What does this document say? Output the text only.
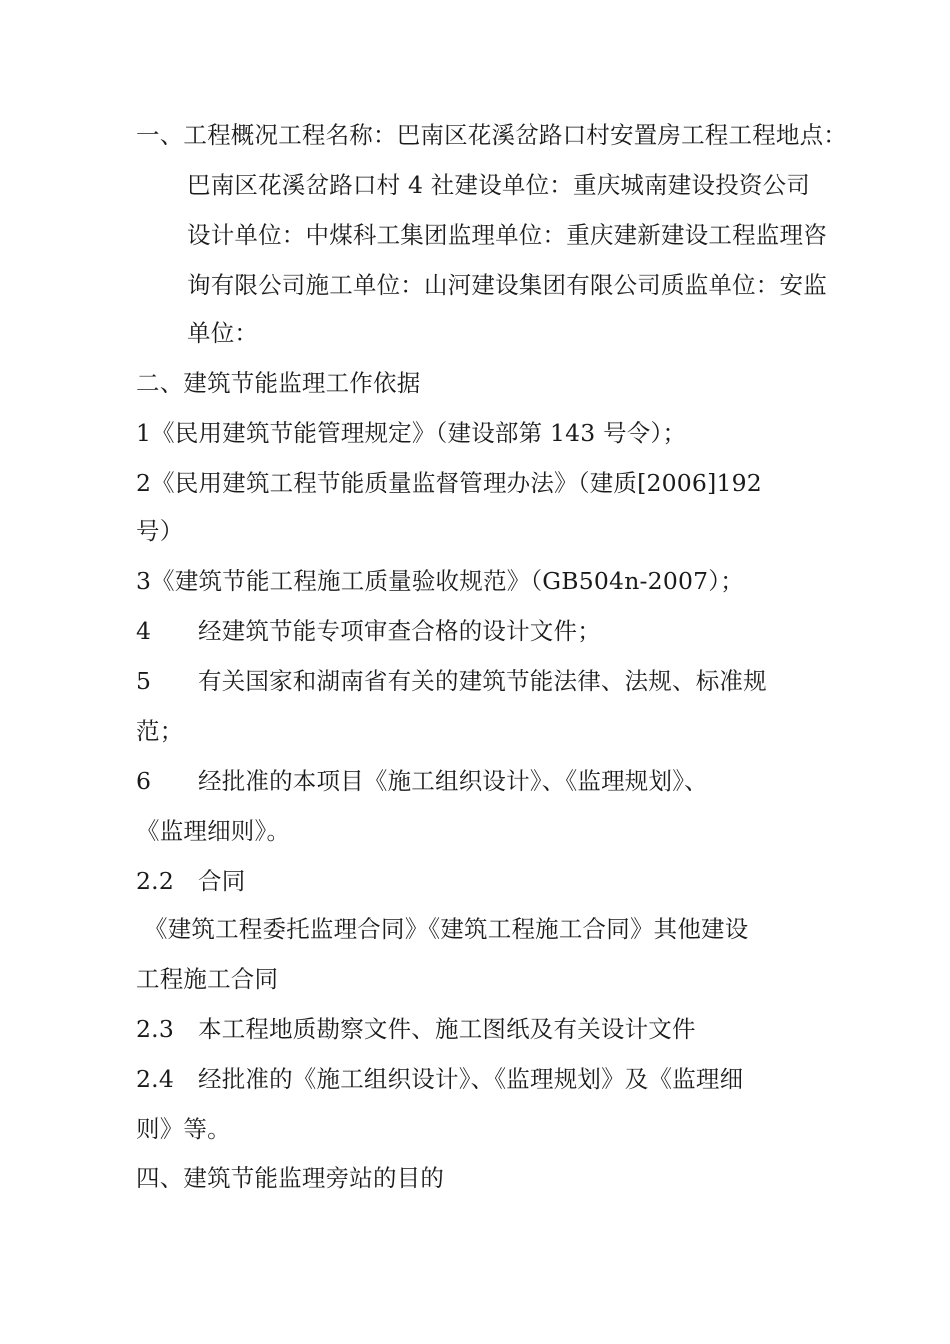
一、工程概况工程名称：巴南区花溪岔路口村安置房工程工程地点：
巴南区花溪岔路口村 4 社建设单位：重庆城南建设投资公司
设计单位：中煤科工集团监理单位：重庆建新建设工程监理咨
询有限公司施工单位：山河建设集团有限公司质监单位：安监
单位：
二、建筑节能监理工作依据
1《民用建筑节能管理规定》（建设部第 143 号令）；
2《民用建筑工程节能质量监督管理办法》（建质[2006]192
号）
3《建筑节能工程施工质量验收规范》（GB504n-2007）；
4 经建筑节能专项审查合格的设计文件；
5 有关国家和湖南省有关的建筑节能法律、法规、标准规
范；
6 经批准的本项目《施工组织设计》、《监理规划》、
《监理细则》。
2.2 合同
《建筑工程委托监理合同》《建筑工程施工合同》其他建设
工程施工合同
2.3 本工程地质勘察文件、施工图纸及有关设计文件
2.4 经批准的《施工组织设计》、《监理规划》及《监理细
则》等。
四、建筑节能监理旁站的目的
